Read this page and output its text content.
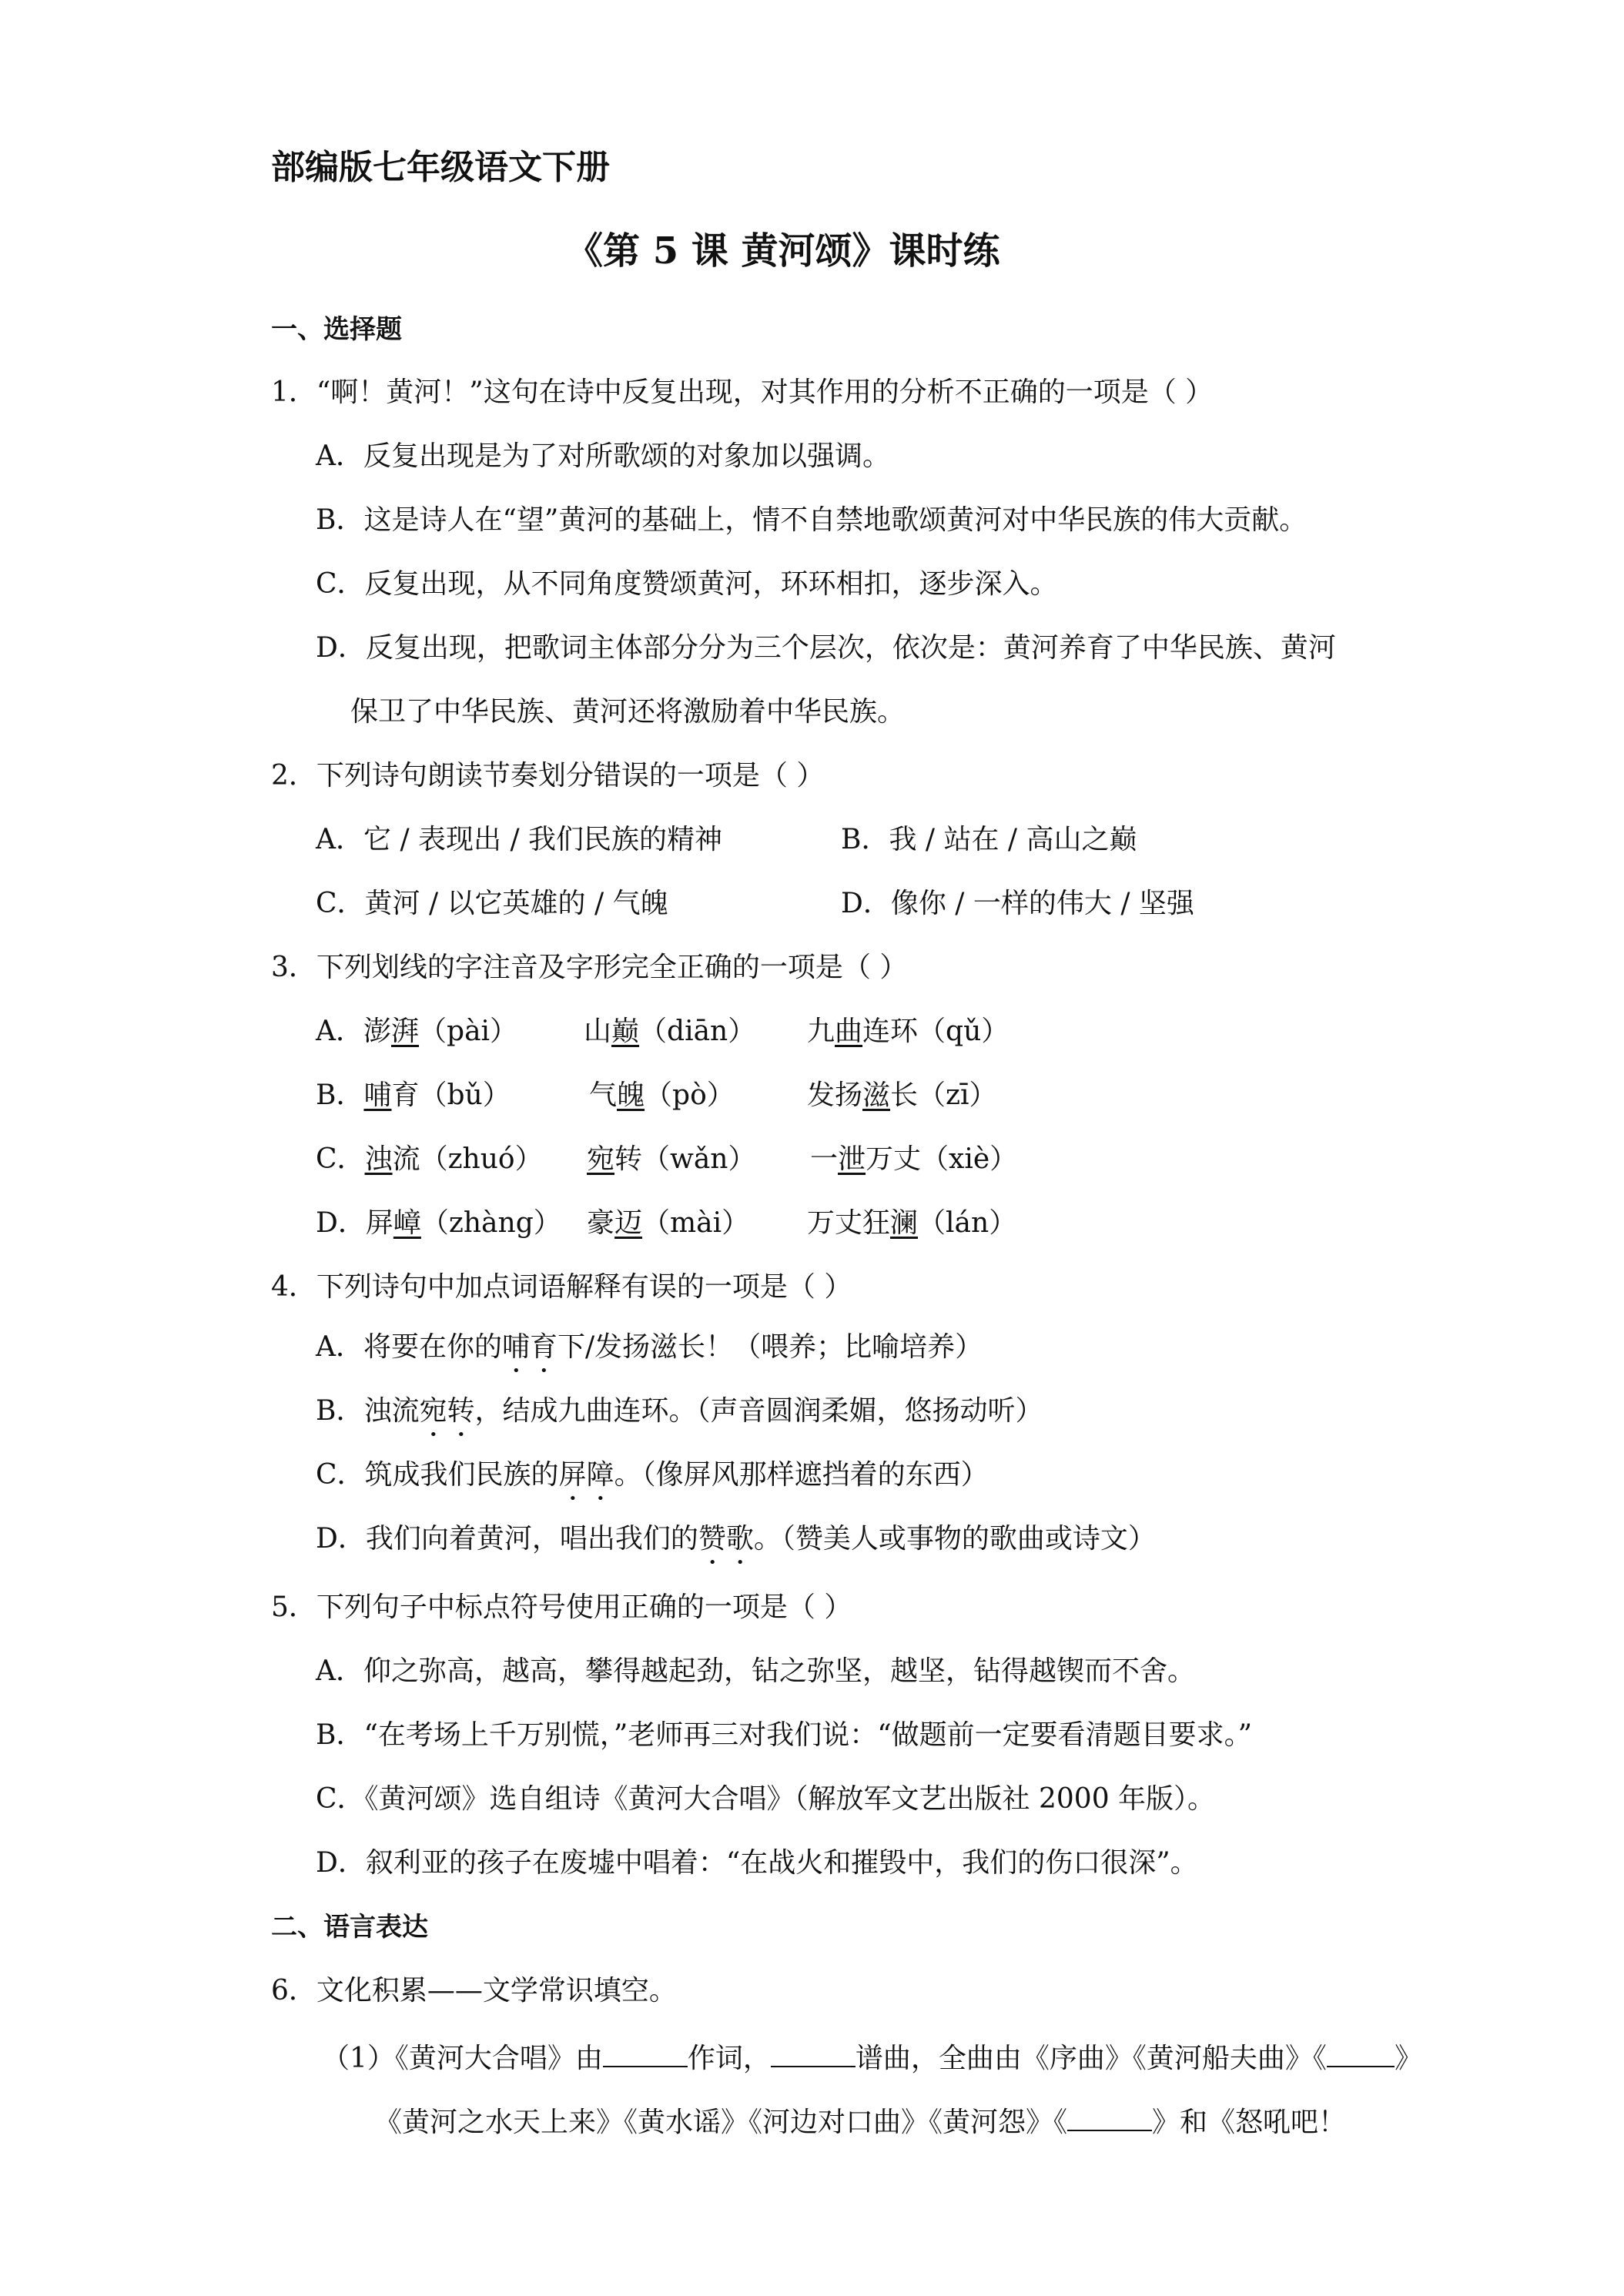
部编版七年级语文下册
《第 5 课 黄河颂》课时练
一、选择题
1．“啊！黄河！”这句在诗中反复出现，对其作用的分析不正确的一项是（ ）
A．反复出现是为了对所歌颂的对象加以强调。
B．这是诗人在“望”黄河的基础上，情不自禁地歌颂黄河对中华民族的伟大贡献。
C．反复出现，从不同角度赞颂黄河，环环相扣，逐步深入。
D．反复出现，把歌词主体部分分为三个层次，依次是：黄河养育了中华民族、黄河
保卫了中华民族、黄河还将激励着中华民族。
2．下列诗句朗读节奏划分错误的一项是（ ）
A．它 / 表现出 / 我们民族的精神	B．我 / 站在 / 高山之巅
C．黄河 / 以它英雄的 / 气魄	D．像你 / 一样的伟大 / 坚强
3．下列划线的字注音及字形完全正确的一项是（ ）
A．澎湃（pài） 山巅（diān） 九曲连环（qǔ）
B．哺育（bǔ）	气魄（pò）	发扬滋长（zī）
C．浊流（zhuó） 宛转（wǎn） 一泄万丈（xiè）
D．屏嶂（zhàng） 豪迈（mài） 万丈狂澜（lán）
4．下列诗句中加点词语解释有误的一项是（ ）
A．将要在你的哺育下/发扬滋长！（喂养；比喻培养）
B．浊流宛转，结成九曲连环。（声音圆润柔媚，悠扬动听）
C．筑成我们民族的屏障。（像屏风那样遮挡着的东西）
D．我们向着黄河，唱出我们的赞歌。（赞美人或事物的歌曲或诗文）
5．下列句子中标点符号使用正确的一项是（ ）
A．仰之弥高，越高，攀得越起劲，钻之弥坚，越坚，钻得越锲而不舍。
B．“在考场上千万别慌，”老师再三对我们说：“做题前一定要看清题目要求。”
C．《黄河颂》选自组诗《黄河大合唱》（解放军文艺出版社 2000 年版）。
D．叙利亚的孩子在废墟中唱着：“在战火和摧毁中，我们的伤口很深”。
二、语言表达
6．文化积累——文学常识填空。
（1）《黄河大合唱》由	作词，	谱曲，全曲由《序曲》《黄河船夫曲》《 》
《黄河之水天上来》《黄水谣》《河边对口曲》《黄河怨》《	》和《怒吼吧！
